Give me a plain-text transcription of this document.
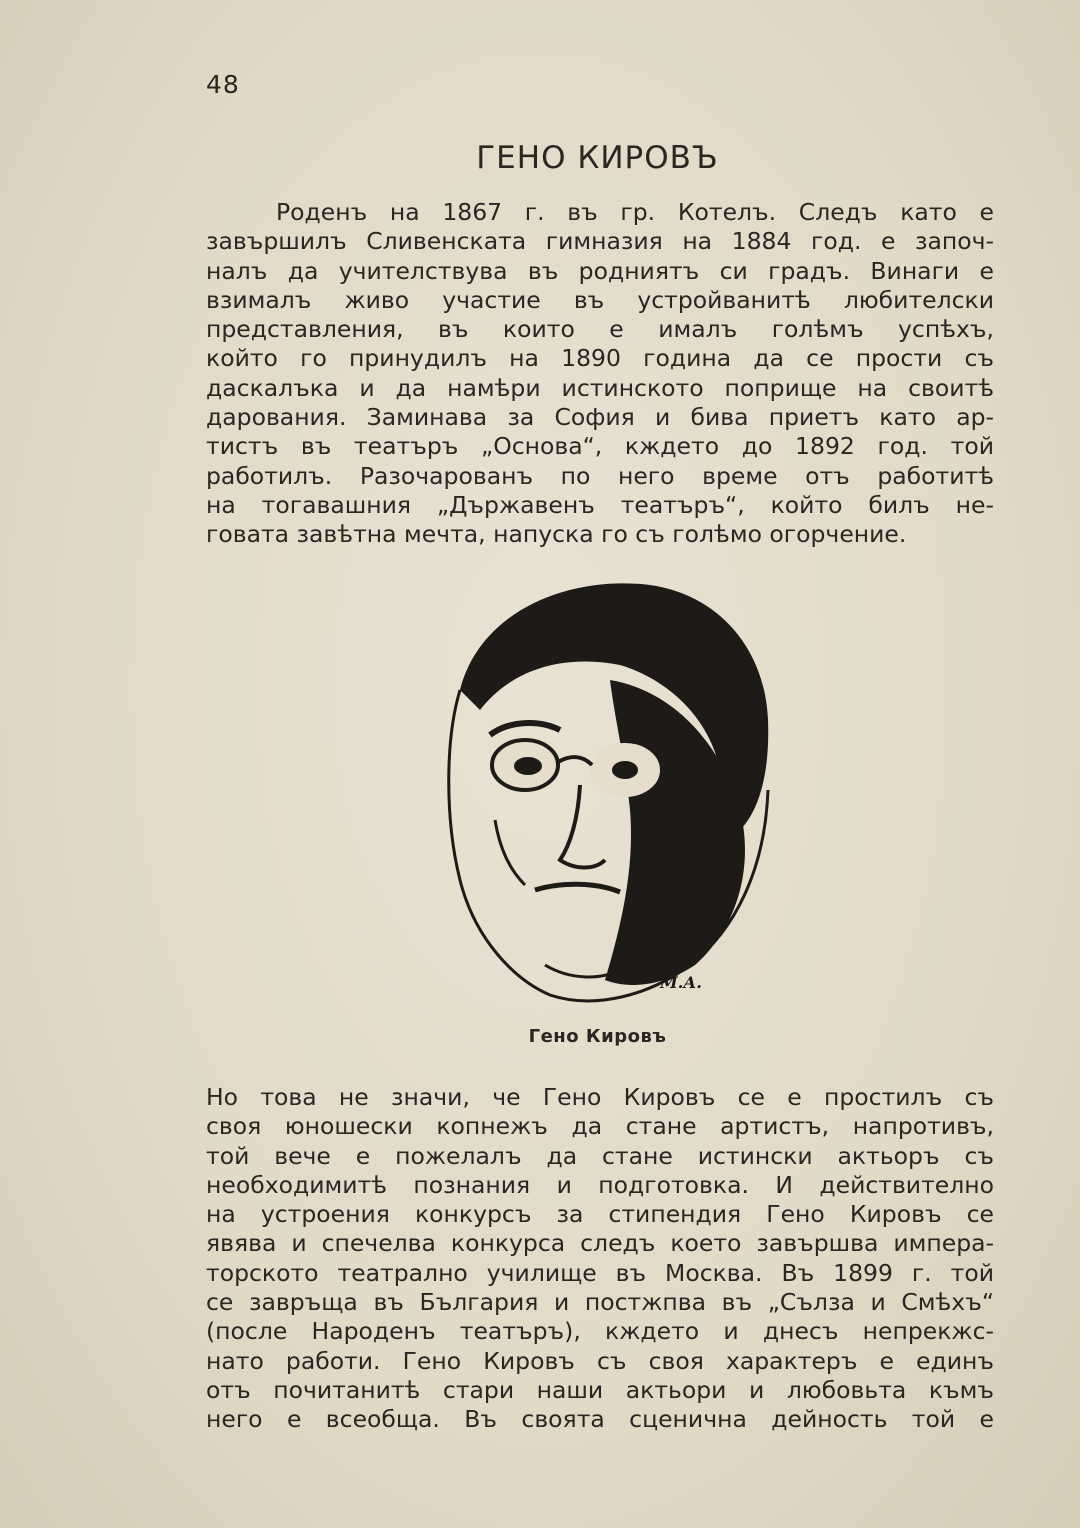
48
ГЕНО КИРОВЪ
Роденъ на 1867 г. въ гр. Котелъ. Следъ като е
завършилъ Сливенската гимназия на 1884 год. е започ-
налъ да учителствува въ родниятъ си градъ. Винаги е
взималъ живо участие въ устройванитѣ любителски
представления, въ които е ималъ голѣмъ успѣхъ,
който го принудилъ на 1890 година да се прости съ
даскалъка и да намѣри истинското поприще на своитѣ
дарования. Заминава за София и бива приетъ като ар-
тистъ въ театъръ „Основа“, кждето до 1892 год. той
работилъ. Разочарованъ по него време отъ работитѣ
на тогавашния „Държавенъ театъръ“, който билъ не-
говата завѣтна мечта, напуска го съ голѣмо огорчение.
М.А.
Гено Кировъ
Но това не значи, че Гено Кировъ се е простилъ съ
своя юношески копнежъ да стане артистъ, напротивъ,
той вече е пожелалъ да стане истински актьоръ съ
необходимитѣ познания и подготовка. И действително
на устроения конкурсъ за стипендия Гено Кировъ се
явява и спечелва конкурса следъ което завършва импера-
торското театрално училище въ Москва. Въ 1899 г. той
се завръща въ България и постжпва въ „Сълза и Смѣхъ“
(после Народенъ театъръ), кждето и днесъ непрекжс-
нато работи. Гено Кировъ съ своя характеръ е единъ
отъ почитанитѣ стари наши актьори и любовьта къмъ
него е всеобща. Въ своята сценична дейность той е
